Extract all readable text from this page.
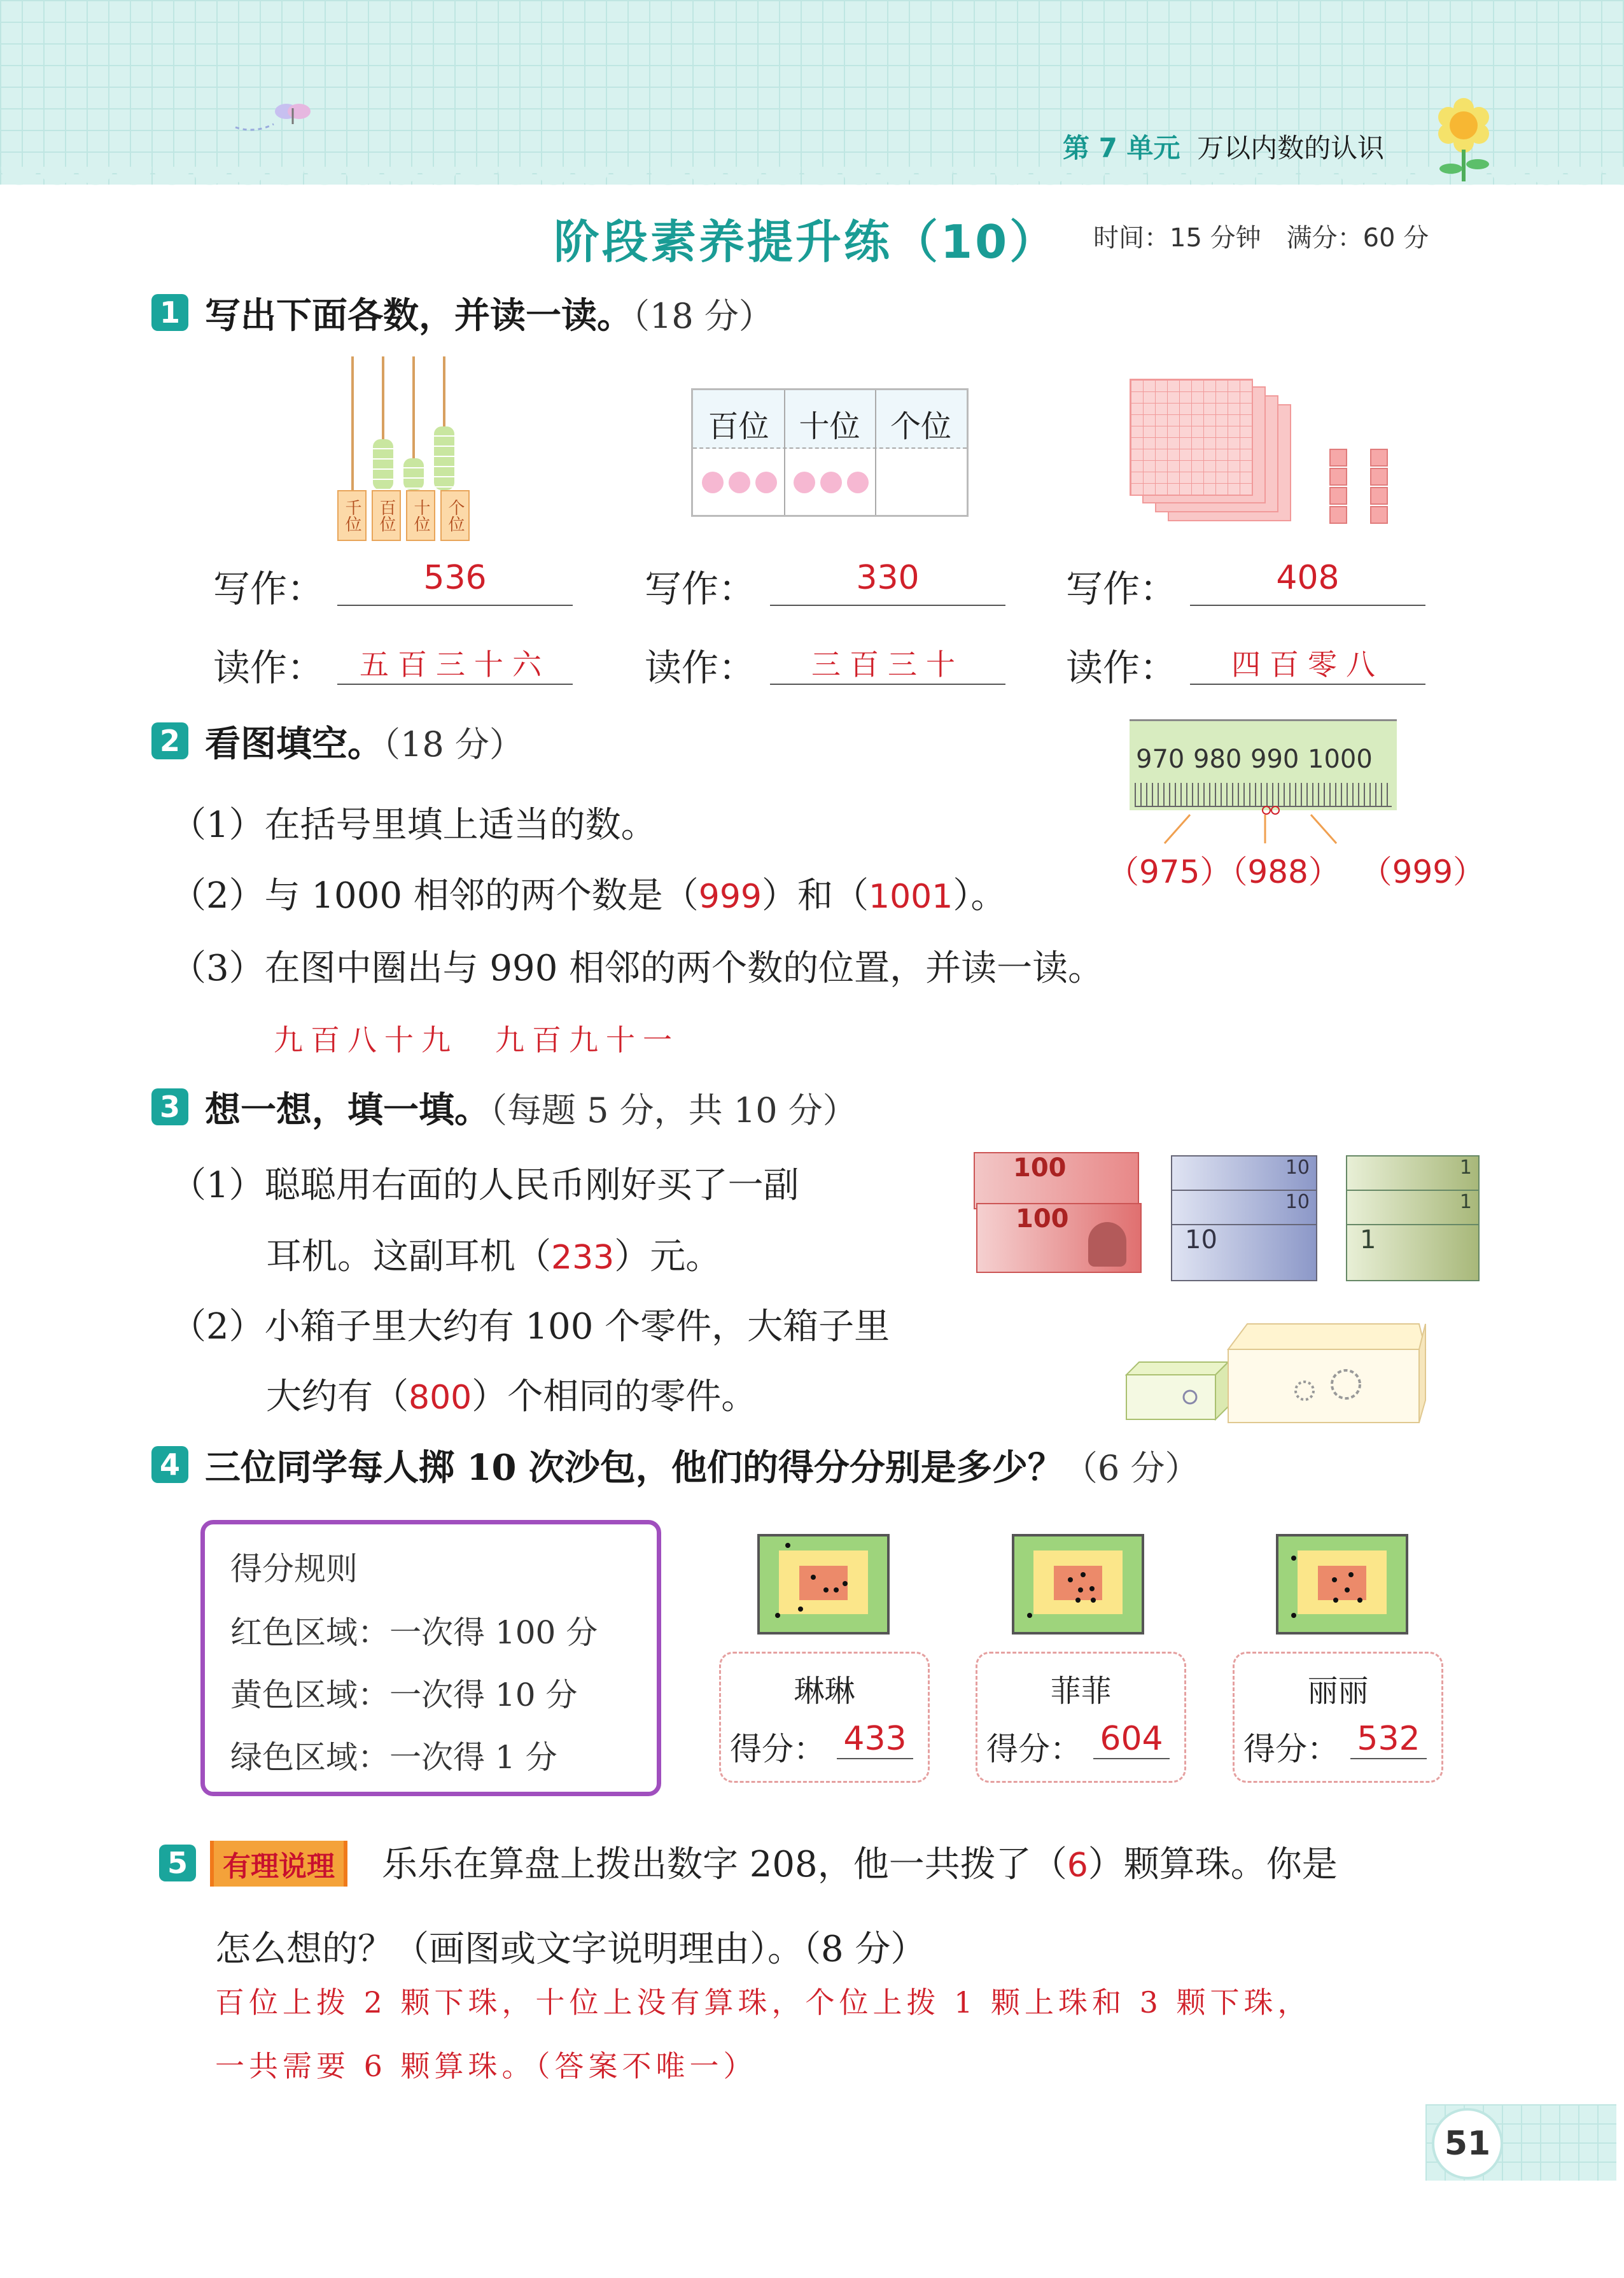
第 7 单元 万以内数的认识
阶段素养提升练（10） 时间：15 分钟　满分：60 分
1 写出下面各数，并读一读。（18 分）
千位 百位 十位 个位
百位 十位 个位
写作：	536	写作：	330	写作：	408
读作：	五百三十六	读作：	三百三十	读作：	四百零八
2 看图填空。（18 分）	970 980 990 1000
（975）（988） （999）
（1）在括号里填上适当的数。
（2）与 1000 相邻的两个数是（999）和（1001）。
（3）在图中圈出与 990 相邻的两个数的位置，并读一读。
九百八十九　九百九十一
3 想一想，填一填。（每题 5 分，共 10 分）
（1）聪聪用右面的人民币刚好买了一副
耳机。这副耳机（233）元。
（2）小箱子里大约有 100 个零件，大箱子里
大约有（800）个相同的零件。
100
100
10
10
10
1
1
1
4 三位同学每人掷 10 次沙包，他们的得分分别是多少？（6 分）
得分规则
红色区域：一次得 100 分
黄色区域：一次得 10 分
绿色区域：一次得 1 分
琳琳
得分： 433
菲菲
得分： 604
丽丽
得分： 532
5	有理说理	乐乐在算盘上拨出数字 208，他一共拨了（6）颗算珠。你是
怎么想的？（画图或文字说明理由）。（8 分）
百位上拨 2 颗下珠，十位上没有算珠，个位上拨 1 颗上珠和 3 颗下珠，
一共需要 6 颗算珠。（答案不唯一）
51
